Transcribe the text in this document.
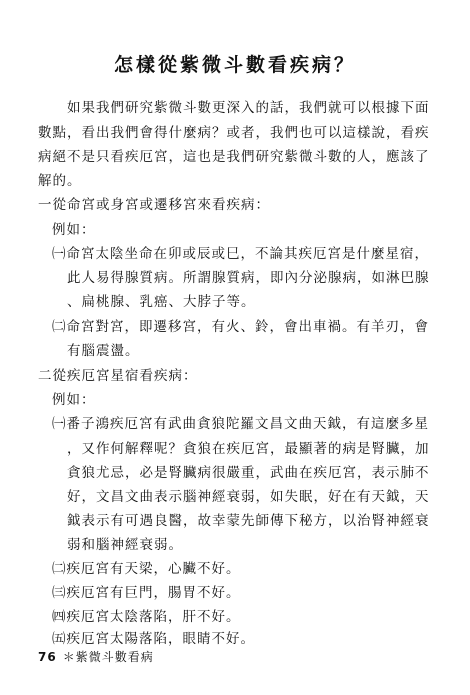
怎樣從紫微斗數看疾病？
如果我們研究紫微斗數更深入的話，我們就可以根據下面
數點，看出我們會得什麼病？或者，我們也可以這樣說，看疾
病絕不是只看疾厄宮，這也是我們研究紫微斗數的人，應該了
解的。
一從命宮或身宮或遷移宮來看疾病：
例如：
㈠命宮太陰坐命在卯或辰或巳，不論其疾厄宮是什麼星宿，
此人易得腺質病。所謂腺質病，即內分泌腺病，如淋巴腺
、扁桃腺、乳癌、大脖子等。
㈡命宮對宮，即遷移宮，有火、鈴，會出車禍。有羊刃，會
有腦震盪。
二從疾厄宮星宿看疾病：
例如：
㈠番子鴻疾厄宮有武曲貪狼陀羅文昌文曲天鉞，有這麼多星
，又作何解釋呢？貪狼在疾厄宮，最顯著的病是腎臟，加
貪狼尤忌，必是腎臟病很嚴重，武曲在疾厄宮，表示肺不
好，文昌文曲表示腦神經衰弱，如失眠，好在有天鉞，天
鉞表示有可遇良醫，故幸蒙先師傳下秘方，以治腎神經衰
弱和腦神經衰弱。
㈡疾厄宮有天梁，心臟不好。
㈢疾厄宮有巨門，腸胃不好。
㈣疾厄宮太陰落陷，肝不好。
㈤疾厄宮太陽落陷，眼睛不好。
76 ＊紫微斗數看病
